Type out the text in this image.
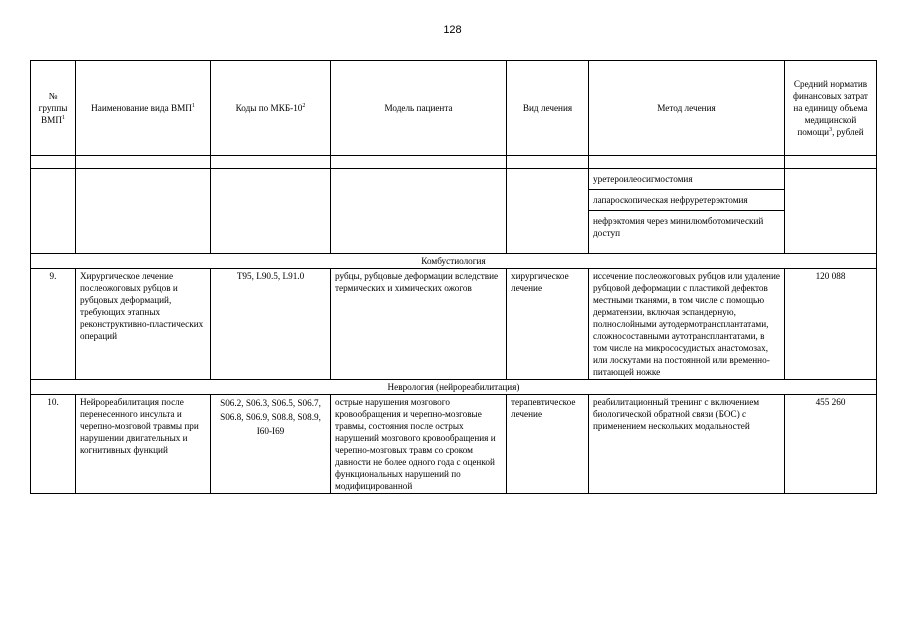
128
№ группы ВМП$^1$	Наименование вида ВМП$^1$	Коды по МКБ-$10^2$	Модель пациента	Вид лечения	Метод лечения	Средний норматив финансовых затрат на единицу объема медицинской помощи$^3$, рублей

					уретероилеосигмостомия
лапароскопическая нефруретерэктомия
нефрэктомия через минилюмботомический доступ	

Комбустиология						
9.	Хирургическое лечение послеожоговых рубцов и рубцовых деформаций, требующих этапных реконструктивно-пластических операций	T95, L90.5, L91.0	рубцы, рубцовые деформации вследствие термических и химических ожогов	хирургическое лечение	иссечение послеожоговых рубцов или удаление рубцовой деформации с пластикой дефектов местными тканями, в том числе с помощью дерматензии, включая эспандерную, полнослойными аутодермотрансплантатами, сложносоставными аутотрансплантатами, в том числе на микрососудистых анастомозах, или лоскутами на постоянной или временно-питающей ножке	120 088
Неврология (нейрореабилитация)						
10.	Нейрореабилитация после перенесенного инсульта и черепно-мозговой травмы при нарушении двигательных и когнитивных функций	S06.2, S06.3, S06.5, S06.7, S06.8, S06.9, S08.8, S08.9, I60-I69	острые нарушения мозгового кровообращения и черепно-мозговые травмы, состояния после острых нарушений мозгового кровообращения и черепно-мозговых травм со сроком давности не более одного года с оценкой функциональных нарушений по модифицированной	терапевтическое лечение	реабилитационный тренинг с включением биологической обратной связи (БОС) с применением нескольких модальностей	455 260
